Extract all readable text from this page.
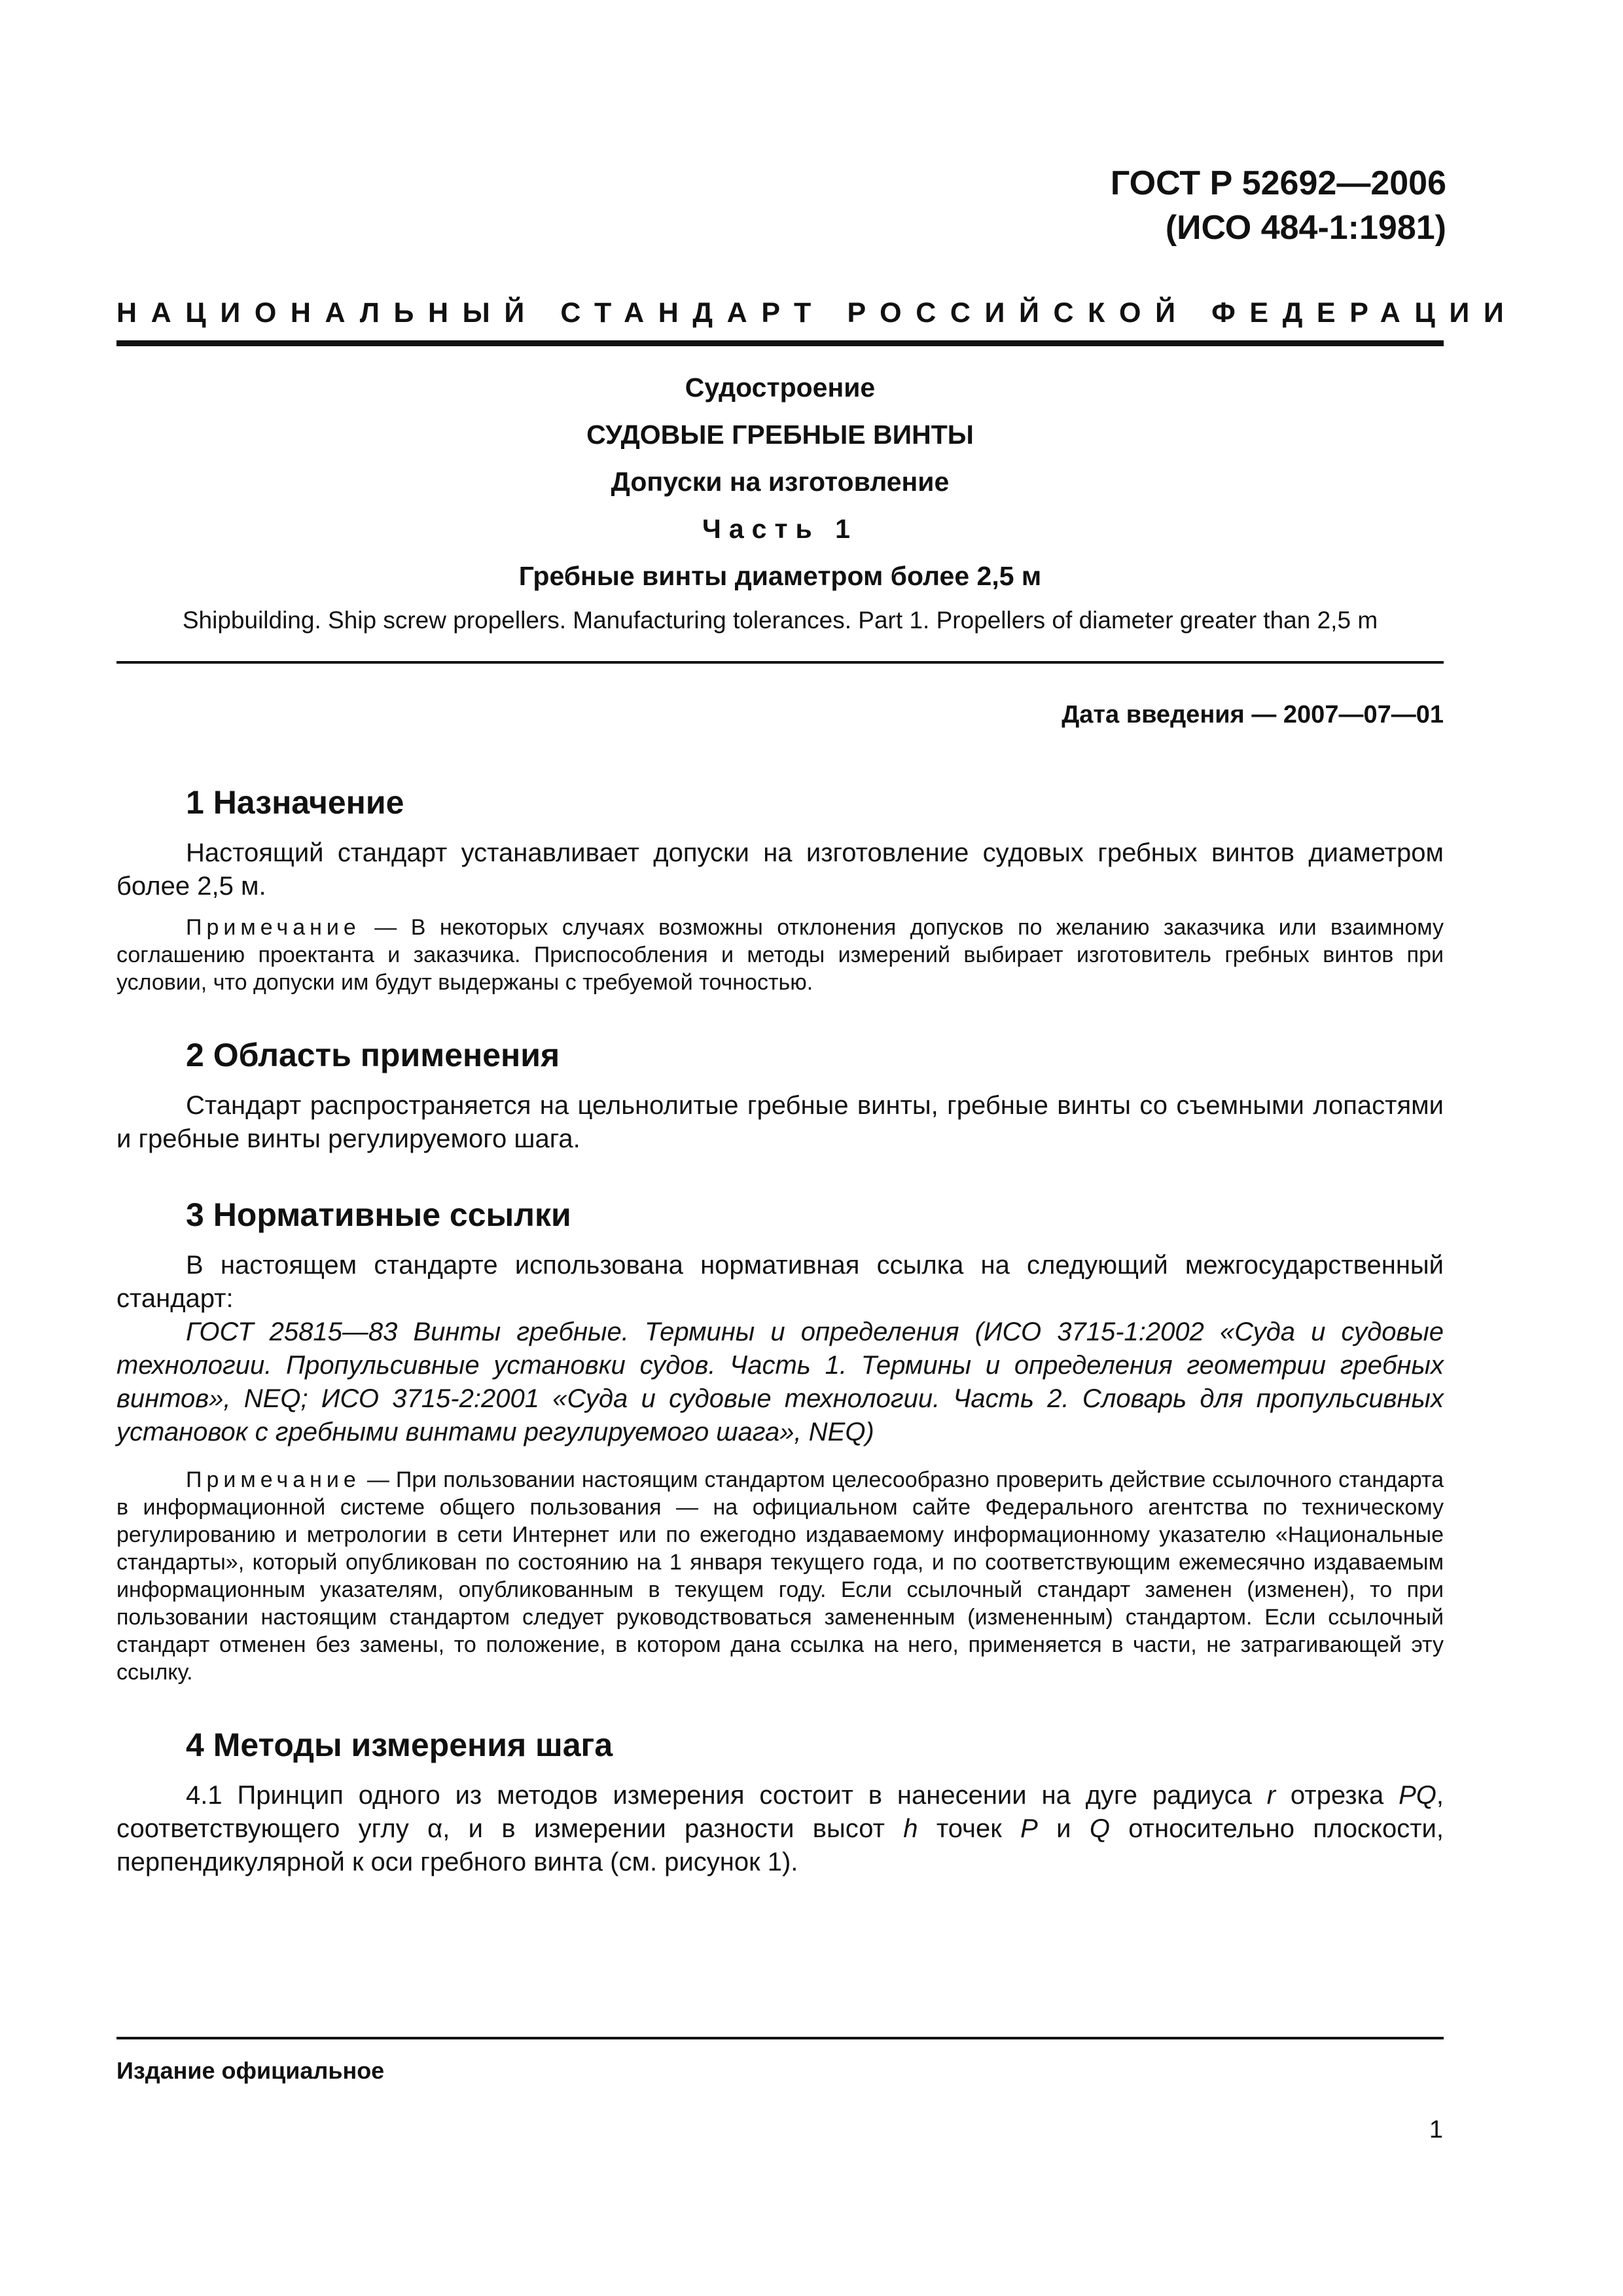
ГОСТ Р 52692—2006
(ИСО 484-1:1981)
НАЦИОНАЛЬНЫЙ СТАНДАРТ РОССИЙСКОЙ ФЕДЕРАЦИИ
Судостроение
СУДОВЫЕ ГРЕБНЫЕ ВИНТЫ
Допуски на изготовление
Часть 1
Гребные винты диаметром более 2,5 м
Shipbuilding. Ship screw propellers. Manufacturing tolerances. Part 1. Propellers of diameter greater than 2,5 m
Дата введения — 2007—07—01
1 Назначение

Настоящий стандарт устанавливает допуски на изготовление судовых гребных винтов диаметром более 2,5 м.

Примечание — В некоторых случаях возможны отклонения допусков по желанию заказчика или взаимному соглашению проектанта и заказчика. Приспособления и методы измерений выбирает изготовитель гребных винтов при условии, что допуски им будут выдержаны с требуемой точностью.

2 Область применения

Стандарт распространяется на цельнолитые гребные винты, гребные винты со съемными лопастями и гребные винты регулируемого шага.

3 Нормативные ссылки

В настоящем стандарте использована нормативная ссылка на следующий межгосударственный стандарт:

ГОСТ 25815—83 Винты гребные. Термины и определения (ИСО 3715-1:2002 «Суда и судовые технологии. Пропульсивные установки судов. Часть 1. Термины и определения геометрии гребных винтов», NEQ; ИСО 3715-2:2001 «Суда и судовые технологии. Часть 2. Словарь для пропульсивных установок с гребными винтами регулируемого шага», NEQ)

Примечание — При пользовании настоящим стандартом целесообразно проверить действие ссылочного стандарта в информационной системе общего пользования — на официальном сайте Федерального агентства по техническому регулированию и метрологии в сети Интернет или по ежегодно издаваемому информационному указателю «Национальные стандарты», который опубликован по состоянию на 1 января текущего года, и по соответствующим ежемесячно издаваемым информационным указателям, опубликованным в текущем году. Если ссылочный стандарт заменен (изменен), то при пользовании настоящим стандартом следует руководствоваться замененным (измененным) стандартом. Если ссылочный стандарт отменен без замены, то положение, в котором дана ссылка на него, применяется в части, не затрагивающей эту ссылку.

4 Методы измерения шага

4.1 Принцип одного из методов измерения состоит в нанесении на дуге радиуса r отрезка PQ, соответствующего углу α, и в измерении разности высот h точек P и Q относительно плоскости, перпендикулярной к оси гребного винта (см. рисунок 1).

Издание официальное
1
